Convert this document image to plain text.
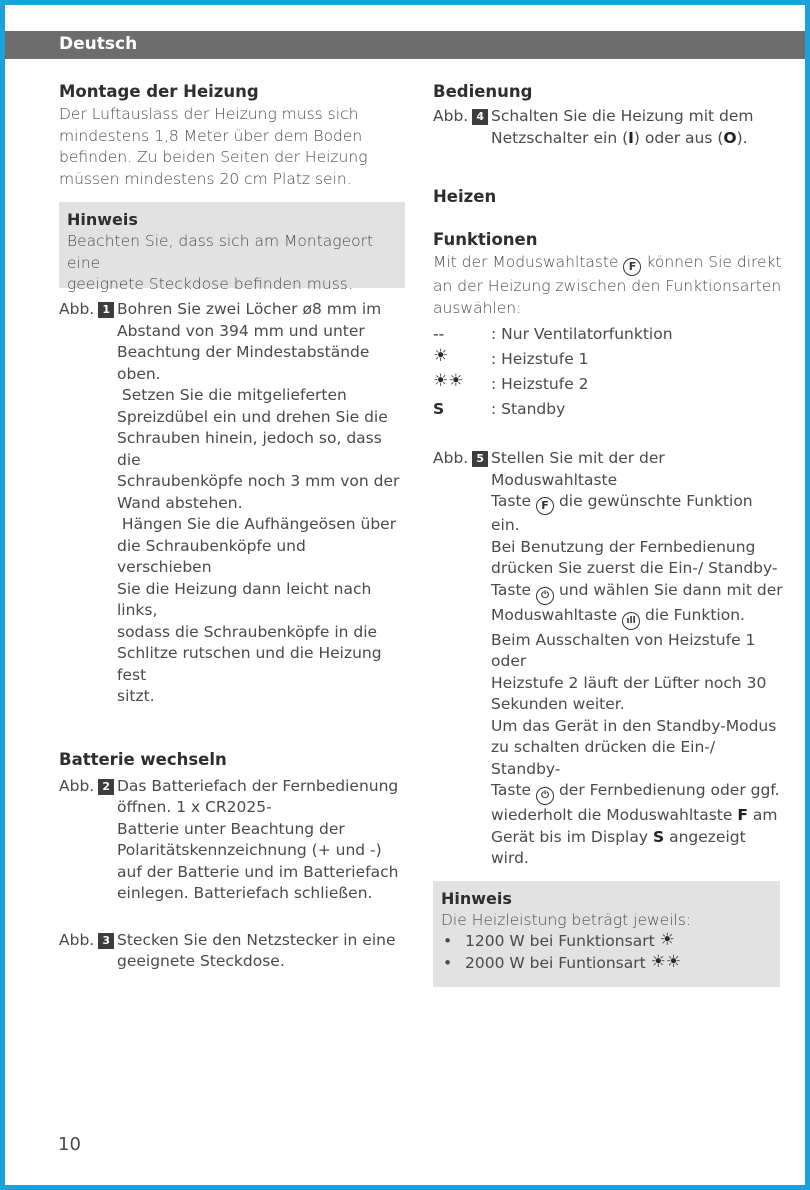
Deutsch

Montage der Heizung

Der Luftauslass der Heizung muss sich

mindestens 1,8 Meter über dem Boden

befinden. Zu beiden Seiten der Heizung

müssen mindestens 20 cm Platz sein.

Hinweis

Beachten Sie, dass sich am Montageort eine

geeignete Steckdose befinden muss.

Abb. 1 Bohren Sie zwei Löcher ø8 mm im
Abstand von 394 mm und unter
Beachtung der Mindestabstände oben.
Setzen Sie die mitgelieferten
Spreizdübel ein und drehen Sie die
Schrauben hinein, jedoch so, dass die
Schraubenköpfe noch 3 mm von der
Wand abstehen.
Hängen Sie die Aufhängeösen über
die Schraubenköpfe und verschieben
Sie die Heizung dann leicht nach links,
sodass die Schraubenköpfe in die
Schlitze rutschen und die Heizung fest
sitzt.

Batterie wechseln

Abb. 2 Das Batteriefach der Fernbedienung
öffnen. 1 x CR2025-
Batterie unter Beachtung der
Polaritätskennzeichnung (+ und -)
auf der Batterie und im Batteriefach
einlegen. Batteriefach schließen.
Abb. 3 Stecken Sie den Netzstecker in eine
geeignete Steckdose.

Bedienung

Abb. 4 Schalten Sie die Heizung mit dem
Netzschalter ein (I) oder aus (O).

Heizen

Funktionen

Mit der Moduswahltaste F können Sie direkt

an der Heizung zwischen den Funktionsarten

auswählen:

--	: Nur Ventilatorfunktion
☀	: Heizstufe 1
☀☀	: Heizstufe 2
S	: Standby
Abb. 5 Stellen Sie mit der der Moduswahltaste
Taste F die gewünschte Funktion ein.
Bei Benutzung der Fernbedienung
drücken Sie zuerst die Ein-/ Standby-
Taste ⏻ und wählen Sie dann mit der
Moduswahltaste ıll die Funktion.
Beim Ausschalten von Heizstufe 1 oder
Heizstufe 2 läuft der Lüfter noch 30
Sekunden weiter.
Um das Gerät in den Standby-Modus
zu schalten drücken die Ein-/ Standby-
Taste ⏻ der Fernbedienung oder ggf.
wiederholt die Moduswahltaste F am
Gerät bis im Display S angezeigt wird.

Hinweis

Die Heizleistung beträgt jeweils:

• 1200 W bei Funktionsart
☀
• 2000 W bei Funtionsart
☀☀
10
